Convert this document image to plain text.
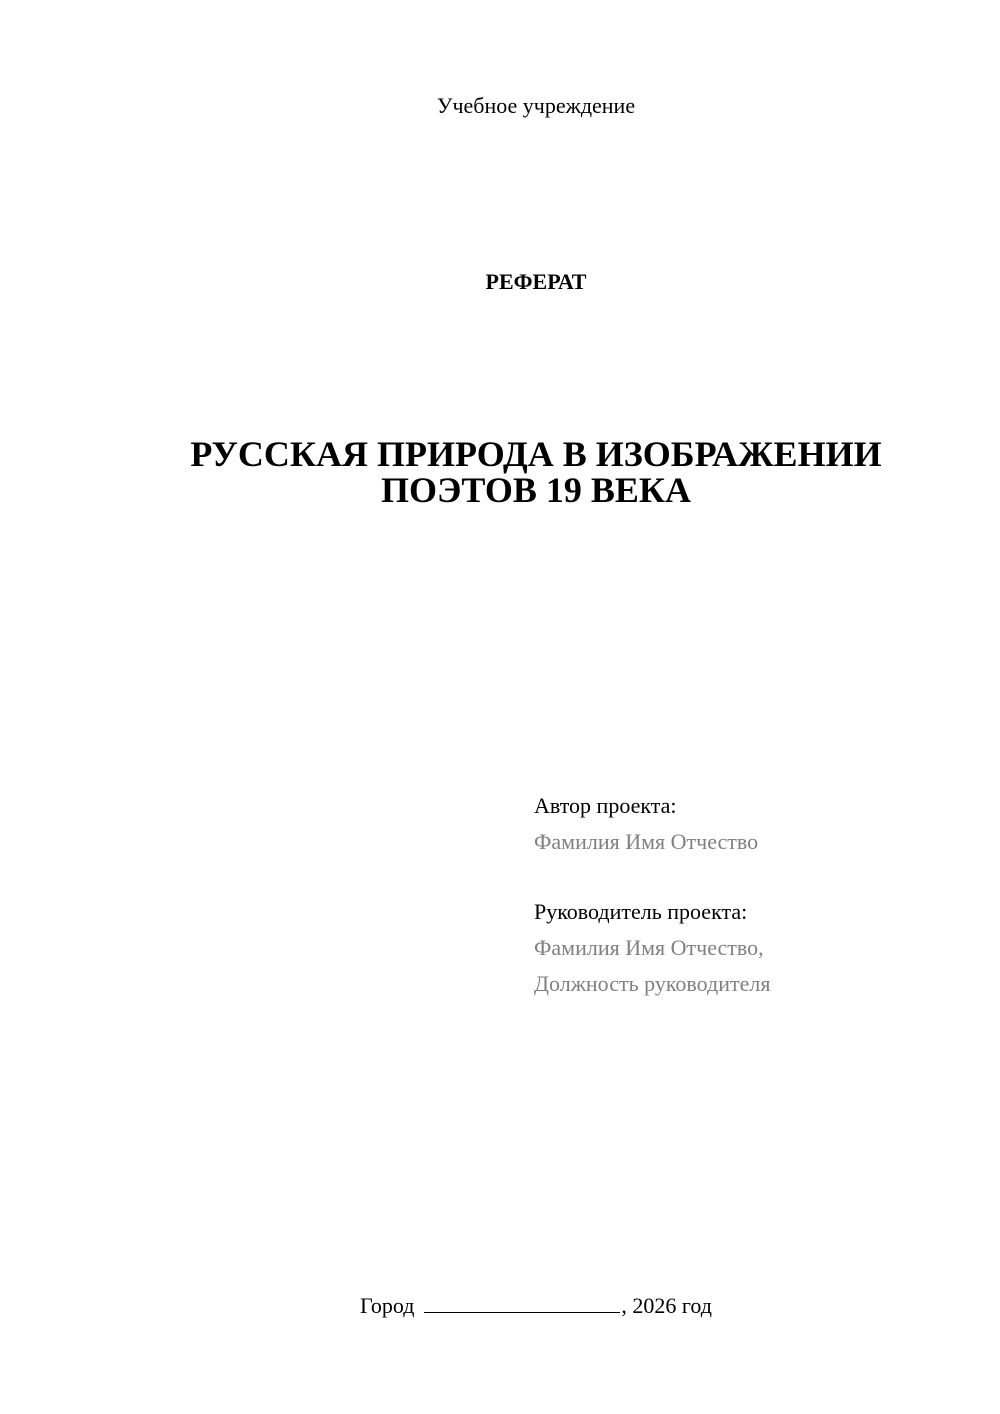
Учебное учреждение
РЕФЕРАТ
РУССКАЯ ПРИРОДА В ИЗОБРАЖЕНИИ
ПОЭТОВ 19 ВЕКА
Автор проекта:
Фамилия Имя Отчество
Руководитель проекта:
Фамилия Имя Отчество,
Должность руководителя
Город	, 2026 год
